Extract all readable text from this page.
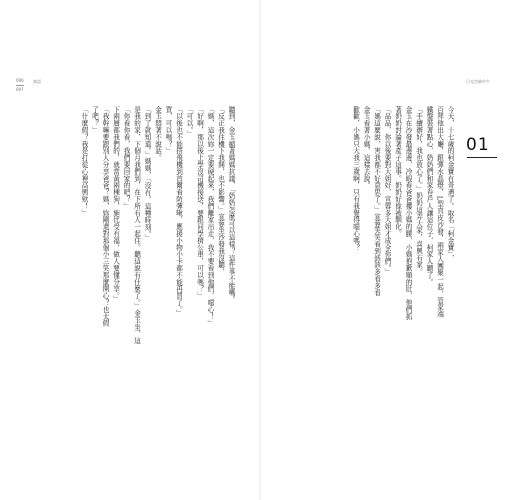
096
097
寓語	日光空缺中午
01
今天，十七歲的柯金寶有奇遇了。取名「柯金寶」，
百拜他出大廳，跟彈水晶燈，L型真皮沙發，兩家人團聚一起，管家端
鐵盤裝著點心，奶奶們和家卷戶人讓這位子，柯家人聽了。
「手續辦好，我也放心了。」奶奶這弄大家，喜興有家。
金玉在沙發最邊邊，冷眼看爸爸摟小媽的腰，小媽抱歉順的肚，他們抓
著奶奶討論著產子這事。奶奶好像被馴化。
「品品，你以後要對大姐好，宣蓉多大姐才成全你們。」
「媽這麼說，害我都不好意思了。」宣蓉笑笑看到該該多看多看
金玉看著小媽，這樣去說。
歡歡，小媽只大我三歲啊，只有我覺得噁心嗎？
聽到，金玉縮著媽媽抗議，「奶奶怎麼可以這樣？這件事不能嘴。
「反正我住樓下我開，也不影響。」宣蓉坐沙發我沒聽，
「媽，這次妳一定要硬起來，我們離家出走，我不要看到他們，噁心！」
「好啊，那以後上學沒司機接送，要跟同學擠公車，可以嗎？」
「可以。」
「以後也不能搭飛機到首爾看防彈啾，應援小物小卡都不能再買了。」
買，可以嗎？」
金玉悶著不說話。
「到了就知道。」媽媽，「沒有，這種時刻。」
是我的家，下個月我們到，在下所有人一起住。聽這說有什麼了。」金玉坐，這
「你看你看，我們要回家的吧？」
下兩層都我們的，就當黃兩棟狗，施比受有福，做人要懂分享。」
「我幹嘛要跟別人分享爸爸？媽，妳剛還對那個小三笑那麼開心？也太假
了吧？」
「什麼假？我是打從心裡高興欸！」
